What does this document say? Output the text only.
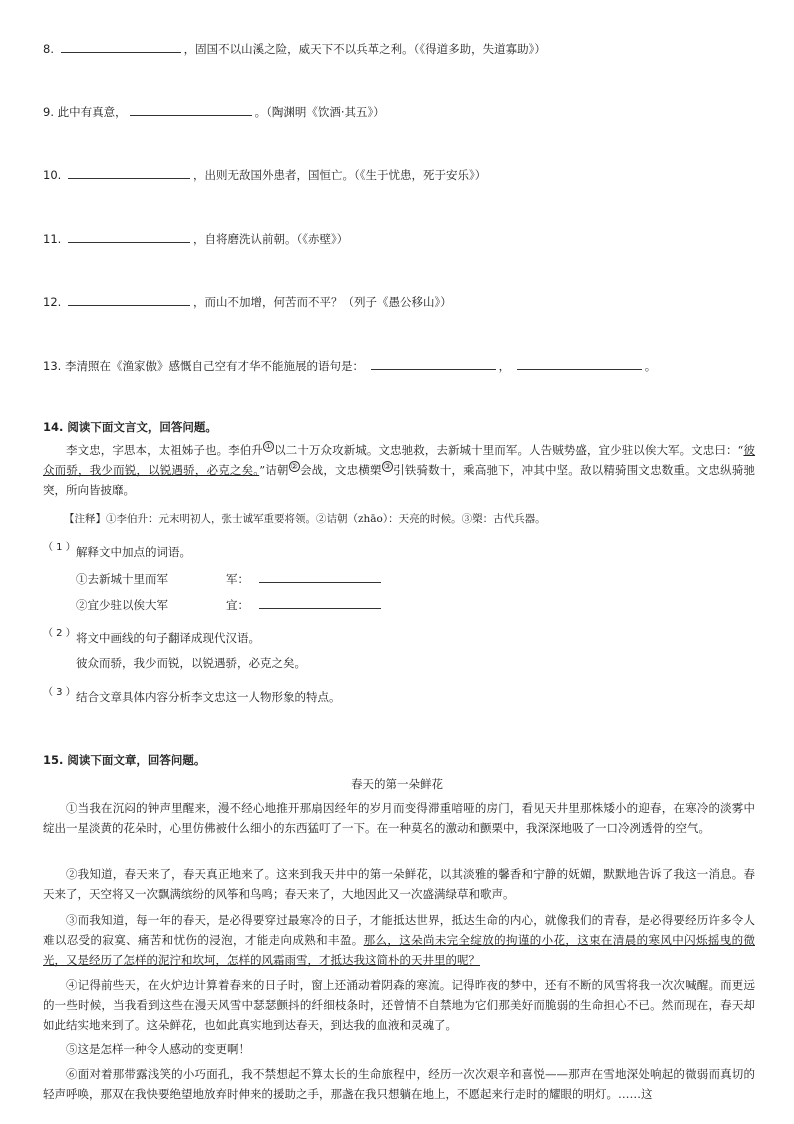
8.	，固国不以山溪之险，威天下不以兵革之利。（《得道多助，失道寡助》）
9. 此中有真意，	。（陶渊明《饮酒·其五》）
10.	，出则无敌国外患者，国恒亡。（《生于忧患，死于安乐》）
11.	，自将磨洗认前朝。（《赤壁》）
12.	，而山不加增，何苦而不平？（列子《愚公移山》）
13. 李清照在《渔家傲》感慨自己空有才华不能施展的语句是：	，	。
14. 阅读下面文言文，回答问题。
李文忠，字思本，太祖姊子也。李伯升 ① 以二十万众攻新城。文忠驰救，去新城十里而军。人告贼势盛，宜少驻以俟大军。文忠曰：“彼众而骄，我少而锐，以锐遇骄，必克之矣。”诘朝 ② 会战，文忠横槊 ③ 引铁骑数十，乘高驰下，冲其中坚。敌以精骑围文忠数重。文忠纵骑驰突，所向皆披靡。
【注释】①李伯升：元末明初人，张士诚军重要将领。②诘朝（zhāo）：天亮的时候。③槊：古代兵器。
（ 1 ） 解释文中加点的词语。
①去新城十里而军	军：
②宜少驻以俟大军	宜：
（ 2 ） 将文中画线的句子翻译成现代汉语。
彼众而骄，我少而锐，以锐遇骄，必克之矣。
（ 3 ） 结合文章具体内容分析李文忠这一人物形象的特点。
15. 阅读下面文章，回答问题。
春天的第一朵鲜花
①当我在沉闷的钟声里醒来，漫不经心地推开那扇因经年的岁月而变得滞重喑哑的房门，看见天井里那株矮小的迎春，在寒冷的淡雾中绽出一星淡黄的花朵时，心里仿佛被什么细小的东西猛叮了一下。在一种莫名的激动和颤栗中，我深深地吸了一口冷冽透骨的空气。
②我知道，春天来了，春天真正地来了。这来到我天井中的第一朵鲜花，以其淡雅的馨香和宁静的妩媚，默默地告诉了我这一消息。春天来了，天空将又一次飘满缤纷的风筝和鸟鸣；春天来了，大地因此又一次盛满绿草和歌声。
③而我知道，每一年的春天，是必得要穿过最寒冷的日子，才能抵达世界，抵达生命的内心，就像我们的青春，是必得要经历许多令人难以忍受的寂寞、痛苦和忧伤的浸泡，才能走向成熟和丰盈。那么，这朵尚未完全绽放的拘谨的小花，这束在清晨的寒风中闪烁摇曳的微光，又是经历了怎样的泥泞和坎坷，怎样的风霜雨雪，才抵达我这简朴的天井里的呢？
④记得前些天，在火炉边计算着春来的日子时，窗上还涌动着阴森的寒流。记得昨夜的梦中，还有不断的风雪将我一次次喊醒。而更远的一些时候，当我看到这些在漫天风雪中瑟瑟颤抖的纤细枝条时，还曾情不自禁地为它们那美好而脆弱的生命担心不已。然而现在，春天却如此结实地来到了。这朵鲜花，也如此真实地到达春天，到达我的血液和灵魂了。
⑤这是怎样一种令人感动的变更啊！
⑥面对着那带露浅笑的小巧面孔，我不禁想起不算太长的生命旅程中，经历一次次艰辛和喜悦——那声在雪地深处响起的微弱而真切的轻声呼唤，那双在我快要绝望地放弃时伸来的援助之手，那盏在我只想躺在地上，不愿起来行走时的耀眼的明灯。……这
